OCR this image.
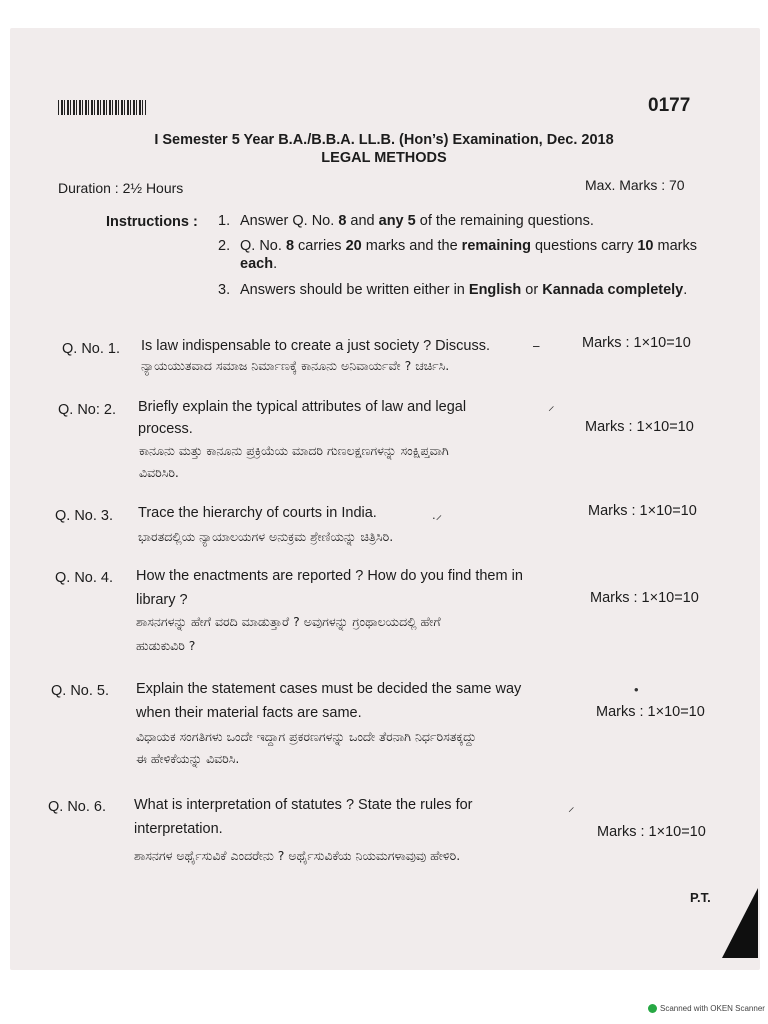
0177
I Semester 5 Year B.A./B.B.A. LL.B. (Hon’s) Examination, Dec. 2018
LEGAL METHODS
Duration : 2½ Hours	Max. Marks : 70
Instructions : 1. Answer Q. No. 8 and any 5 of the remaining questions.
2. Q. No. 8 carries 20 marks and the remaining questions carry 10 marks each.
3. Answers should be written either in English or Kannada completely.
Q. No. 1. Is law indispensable to create a just society ? Discuss.	Marks : 1×10=10
ನ್ಯಾಯಯುತವಾದ ಸಮಾಜ ನಿರ್ಮಾಣಕ್ಕೆ ಕಾನೂನು ಅನಿವಾರ್ಯವೇ ? ಚರ್ಚಿಸಿ.
Q. No: 2. Briefly explain the typical attributes of law and legal
process.	Marks : 1×10=10
ಕಾನೂನು ಮತ್ತು ಕಾನೂನು ಪ್ರಕ್ರಿಯೆಯ ಮಾದರಿ ಗುಣಲಕ್ಷಣಗಳನ್ನು ಸಂಕ್ಷಿಪ್ತವಾಗಿ
ವಿವರಿಸಿರಿ.
Q. No. 3. Trace the hierarchy of courts in India.	Marks : 1×10=10
ಭಾರತದಲ್ಲಿಯ ನ್ಯಾಯಾಲಯಗಳ ಅನುಕ್ರಮ ಶ್ರೇಣಿಯನ್ನು ಚಿತ್ರಿಸಿರಿ.
Q. No. 4. How the enactments are reported ? How do you find them in
library ?	Marks : 1×10=10
ಶಾಸನಗಳನ್ನು ಹೇಗೆ ವರದಿ ಮಾಡುತ್ತಾರೆ ? ಅವುಗಳನ್ನು ಗ್ರಂಥಾಲಯದಲ್ಲಿ ಹೇಗೆ
ಹುಡುಕುವಿರಿ ?
Q. No. 5. Explain the statement cases must be decided the same way
when their material facts are same.	Marks : 1×10=10
ವಿಧಾಯಕ ಸಂಗತಿಗಳು ಒಂದೇ ಇದ್ದಾಗ ಪ್ರಕರಣಗಳನ್ನು ಒಂದೇ ತೆರನಾಗಿ ನಿರ್ಧರಿಸತಕ್ಕದ್ದು
ಈ ಹೇಳಿಕೆಯನ್ನು ವಿವರಿಸಿ.
Q. No. 6. What is interpretation of statutes ? State the rules for
interpretation.	Marks : 1×10=10
ಶಾಸನಗಳ ಅರ್ಥೈಸುವಿಕೆ ಎಂದರೇನು ? ಅರ್ಥೈಸುವಿಕೆಯ ನಿಯಮಗಳಾವುವು ಹೇಳಿರಿ.
⎯
⸝
.⸝
•
⸝
P.T.
Scanned with OKEN Scanner
